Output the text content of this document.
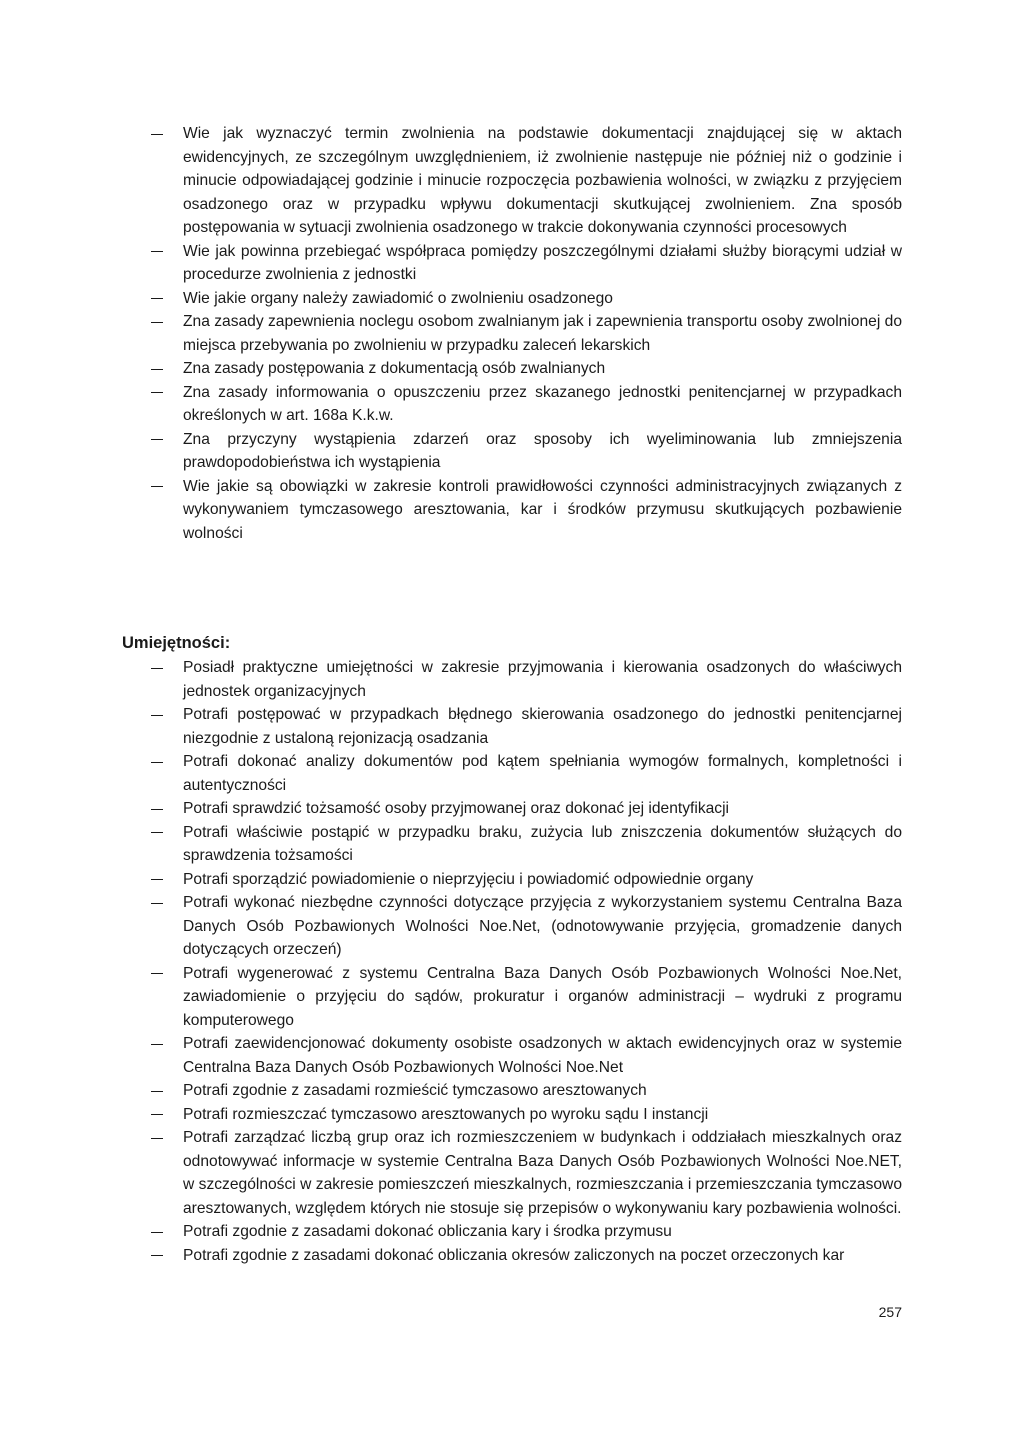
Wie jak wyznaczyć termin zwolnienia na podstawie dokumentacji znajdującej się w aktach ewidencyjnych, ze szczególnym uwzględnieniem, iż zwolnienie następuje nie później niż o godzinie i minucie odpowiadającej godzinie i minucie rozpoczęcia pozbawienia wolności, w związku z przyjęciem osadzonego oraz w przypadku wpływu dokumentacji skutkującej zwolnieniem. Zna sposób postępowania w sytuacji zwolnienia osadzonego w trakcie dokonywania czynności procesowych
Wie jak powinna przebiegać współpraca pomiędzy poszczególnymi działami służby biorącymi udział w procedurze zwolnienia z jednostki
Wie jakie organy należy zawiadomić o zwolnieniu osadzonego
Zna zasady zapewnienia noclegu osobom zwalnianym jak i zapewnienia transportu osoby zwolnionej do miejsca przebywania po zwolnieniu w przypadku zaleceń lekarskich
Zna zasady postępowania z dokumentacją osób zwalnianych
Zna zasady informowania o opuszczeniu przez skazanego jednostki penitencjarnej w przypadkach określonych w art. 168a K.k.w.
Zna przyczyny wystąpienia zdarzeń oraz sposoby ich wyeliminowania lub zmniejszenia prawdopodobieństwa ich wystąpienia
Wie jakie są obowiązki w zakresie kontroli prawidłowości czynności administracyjnych związanych z wykonywaniem tymczasowego aresztowania, kar i środków przymusu skutkujących pozbawienie wolności
Umiejętności:
Posiadł praktyczne umiejętności w zakresie przyjmowania i kierowania osadzonych do właściwych jednostek organizacyjnych
Potrafi postępować w przypadkach błędnego skierowania osadzonego do jednostki penitencjarnej niezgodnie z ustaloną rejonizacją osadzania
Potrafi dokonać analizy dokumentów pod kątem spełniania wymogów formalnych, kompletności i autentyczności
Potrafi sprawdzić tożsamość osoby przyjmowanej oraz dokonać jej identyfikacji
Potrafi właściwie postąpić w przypadku braku, zużycia lub zniszczenia dokumentów służących do sprawdzenia tożsamości
Potrafi sporządzić powiadomienie o nieprzyjęciu i powiadomić odpowiednie organy
Potrafi wykonać niezbędne czynności dotyczące przyjęcia z wykorzystaniem systemu Centralna Baza Danych Osób Pozbawionych Wolności Noe.Net, (odnotowywanie przyjęcia, gromadzenie danych dotyczących orzeczeń)
Potrafi wygenerować z systemu Centralna Baza Danych Osób Pozbawionych Wolności Noe.Net, zawiadomienie o przyjęciu do sądów, prokuratur i organów administracji – wydruki z programu komputerowego
Potrafi zaewidencjonować dokumenty osobiste osadzonych w aktach ewidencyjnych oraz w systemie Centralna Baza Danych Osób Pozbawionych Wolności Noe.Net
Potrafi zgodnie z zasadami rozmieścić tymczasowo aresztowanych
Potrafi rozmieszczać tymczasowo aresztowanych po wyroku sądu I instancji
Potrafi zarządzać liczbą grup oraz ich rozmieszczeniem w budynkach i oddziałach mieszkalnych oraz odnotowywać informacje w systemie Centralna Baza Danych Osób Pozbawionych Wolności Noe.NET, w szczególności w zakresie pomieszczeń mieszkalnych, rozmieszczania i przemieszczania tymczasowo aresztowanych, względem których nie stosuje się przepisów o wykonywaniu kary pozbawienia wolności.
Potrafi zgodnie z zasadami dokonać obliczania kary i środka przymusu
Potrafi zgodnie z zasadami dokonać obliczania okresów zaliczonych na poczet orzeczonych kar
257
